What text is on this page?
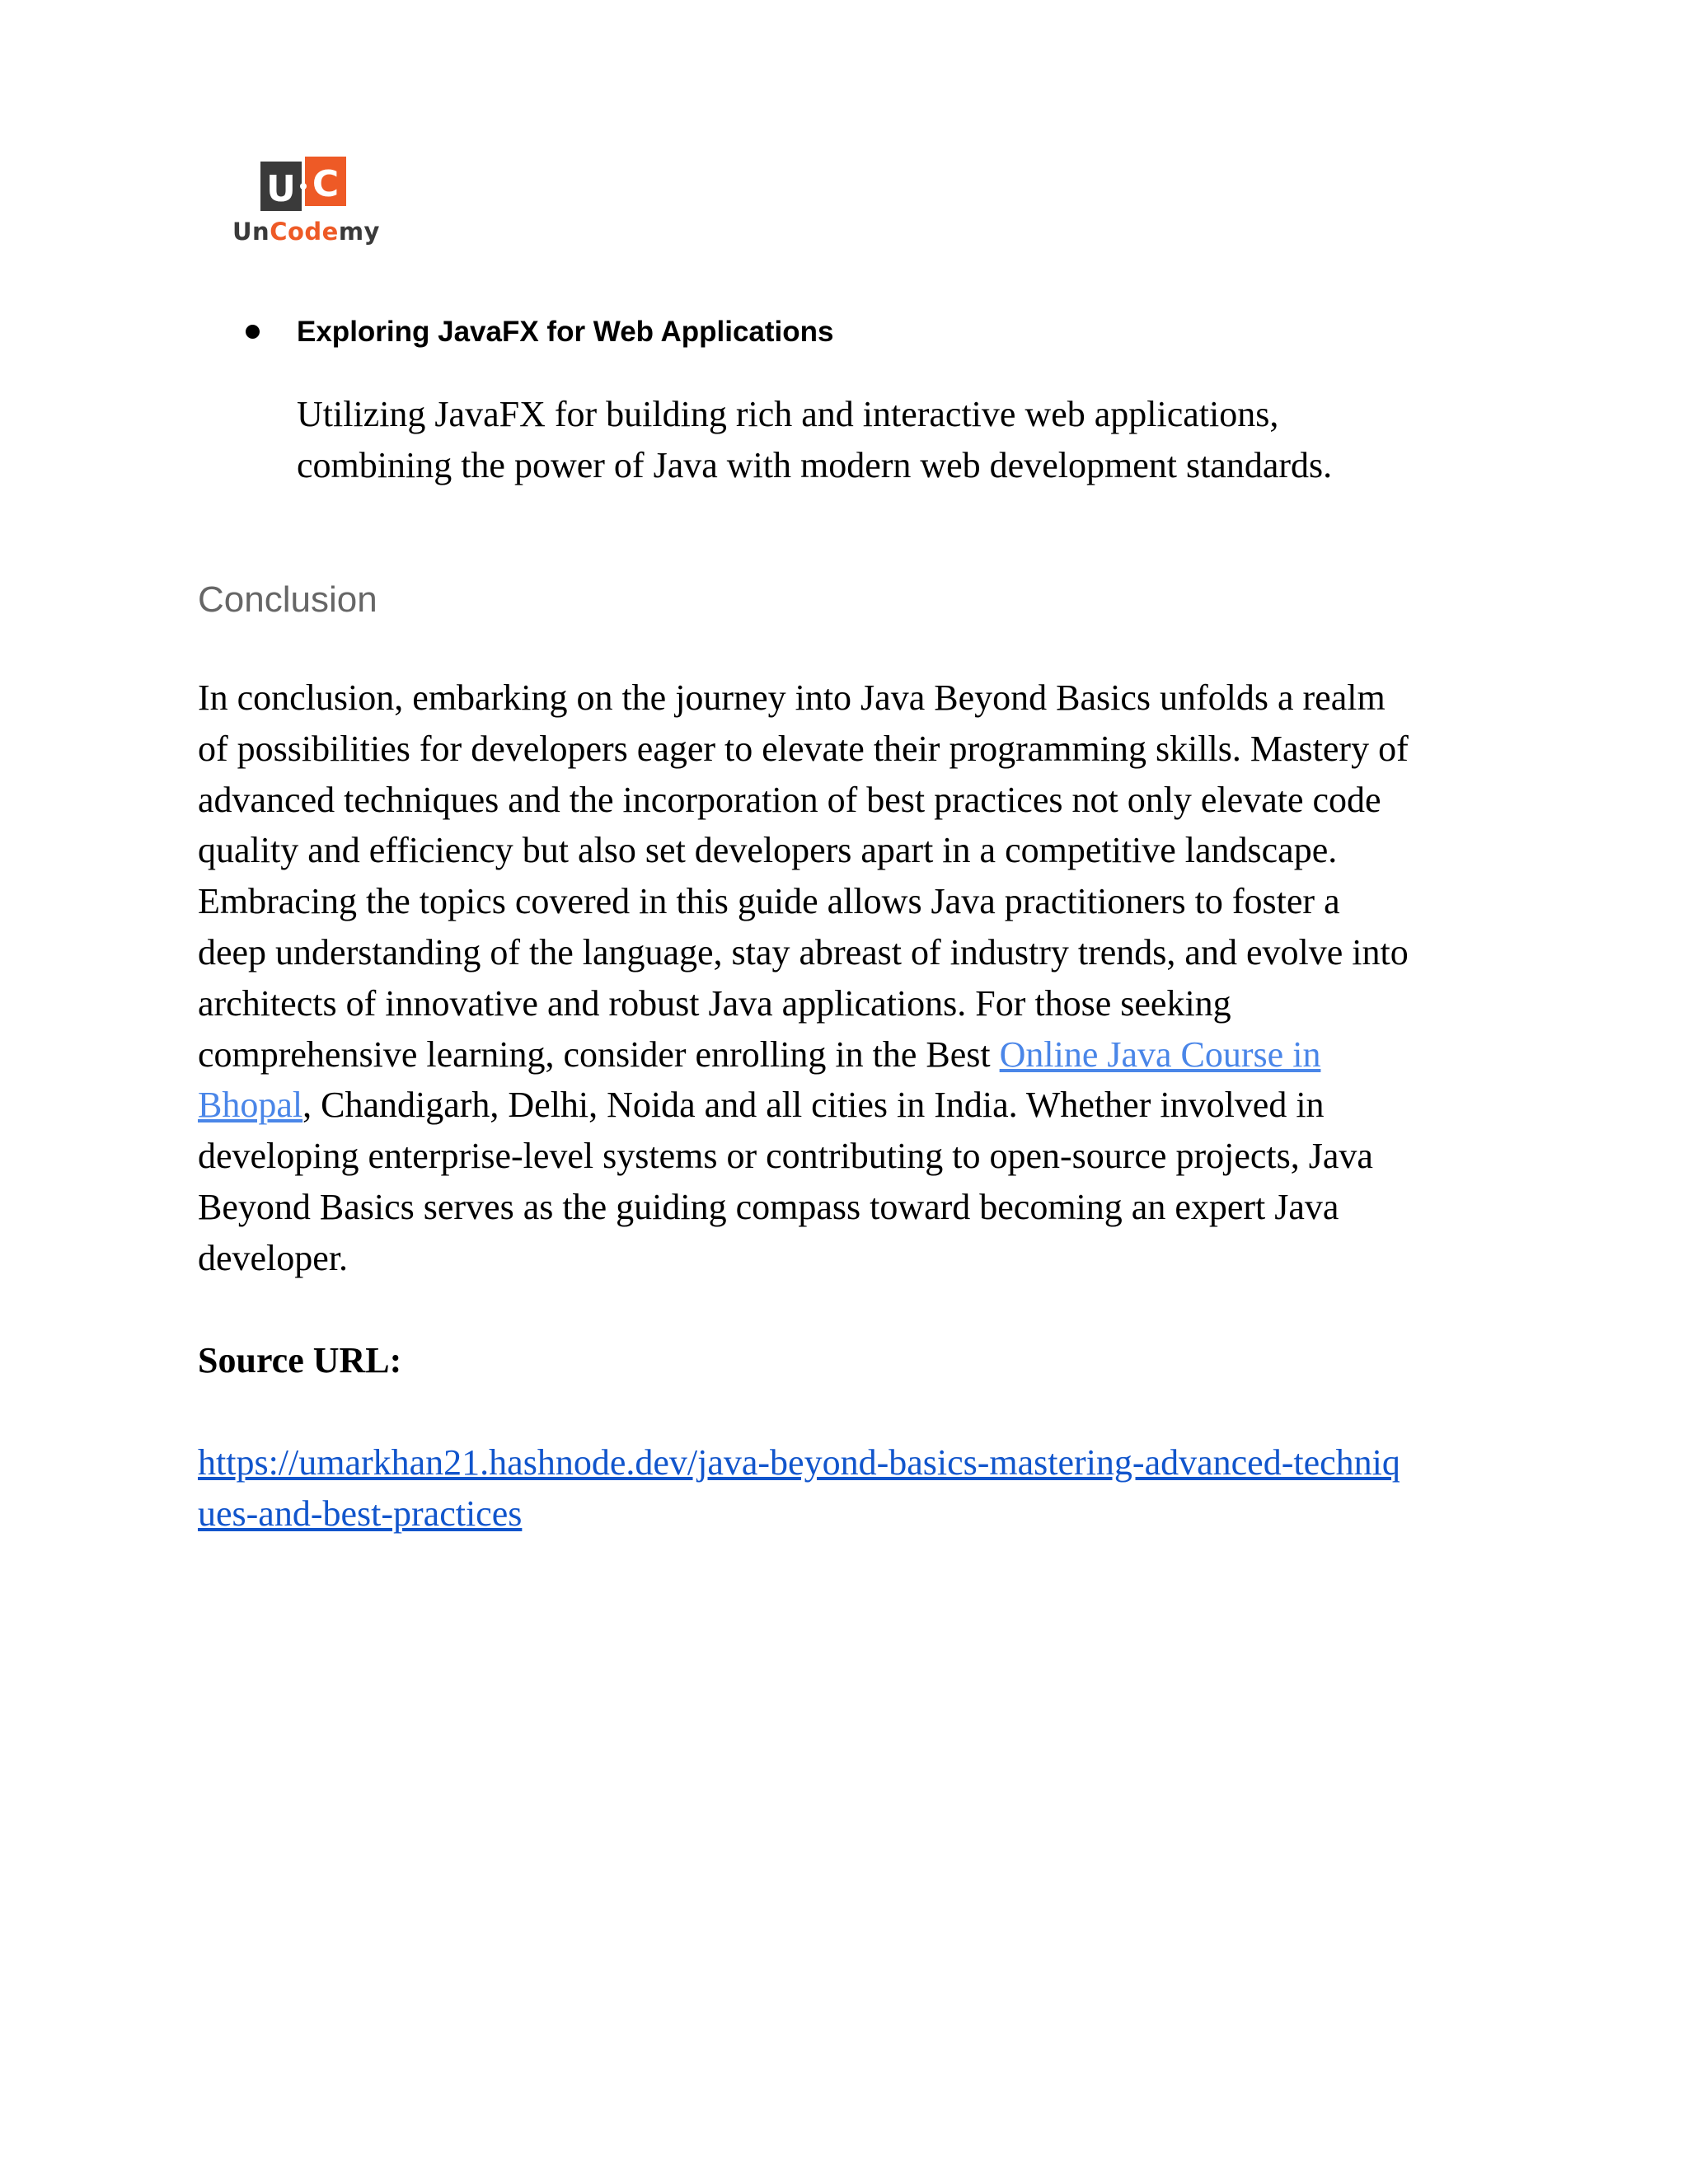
U C
UnCodemy
Exploring JavaFX for Web Applications
Utilizing JavaFX for building rich and interactive web applications,
combining the power of Java with modern web development standards.
Conclusion
In conclusion, embarking on the journey into Java Beyond Basics unfolds a realm
of possibilities for developers eager to elevate their programming skills. Mastery of
advanced techniques and the incorporation of best practices not only elevate code
quality and efficiency but also set developers apart in a competitive landscape.
Embracing the topics covered in this guide allows Java practitioners to foster a
deep understanding of the language, stay abreast of industry trends, and evolve into
architects of innovative and robust Java applications. For those seeking
comprehensive learning, consider enrolling in the Best Online Java Course in
Bhopal, Chandigarh, Delhi, Noida and all cities in India. Whether involved in
developing enterprise-level systems or contributing to open-source projects, Java
Beyond Basics serves as the guiding compass toward becoming an expert Java
developer.
Source URL:
https://umarkhan21.hashnode.dev/java-beyond-basics-mastering-advanced-techniq
ues-and-best-practices
